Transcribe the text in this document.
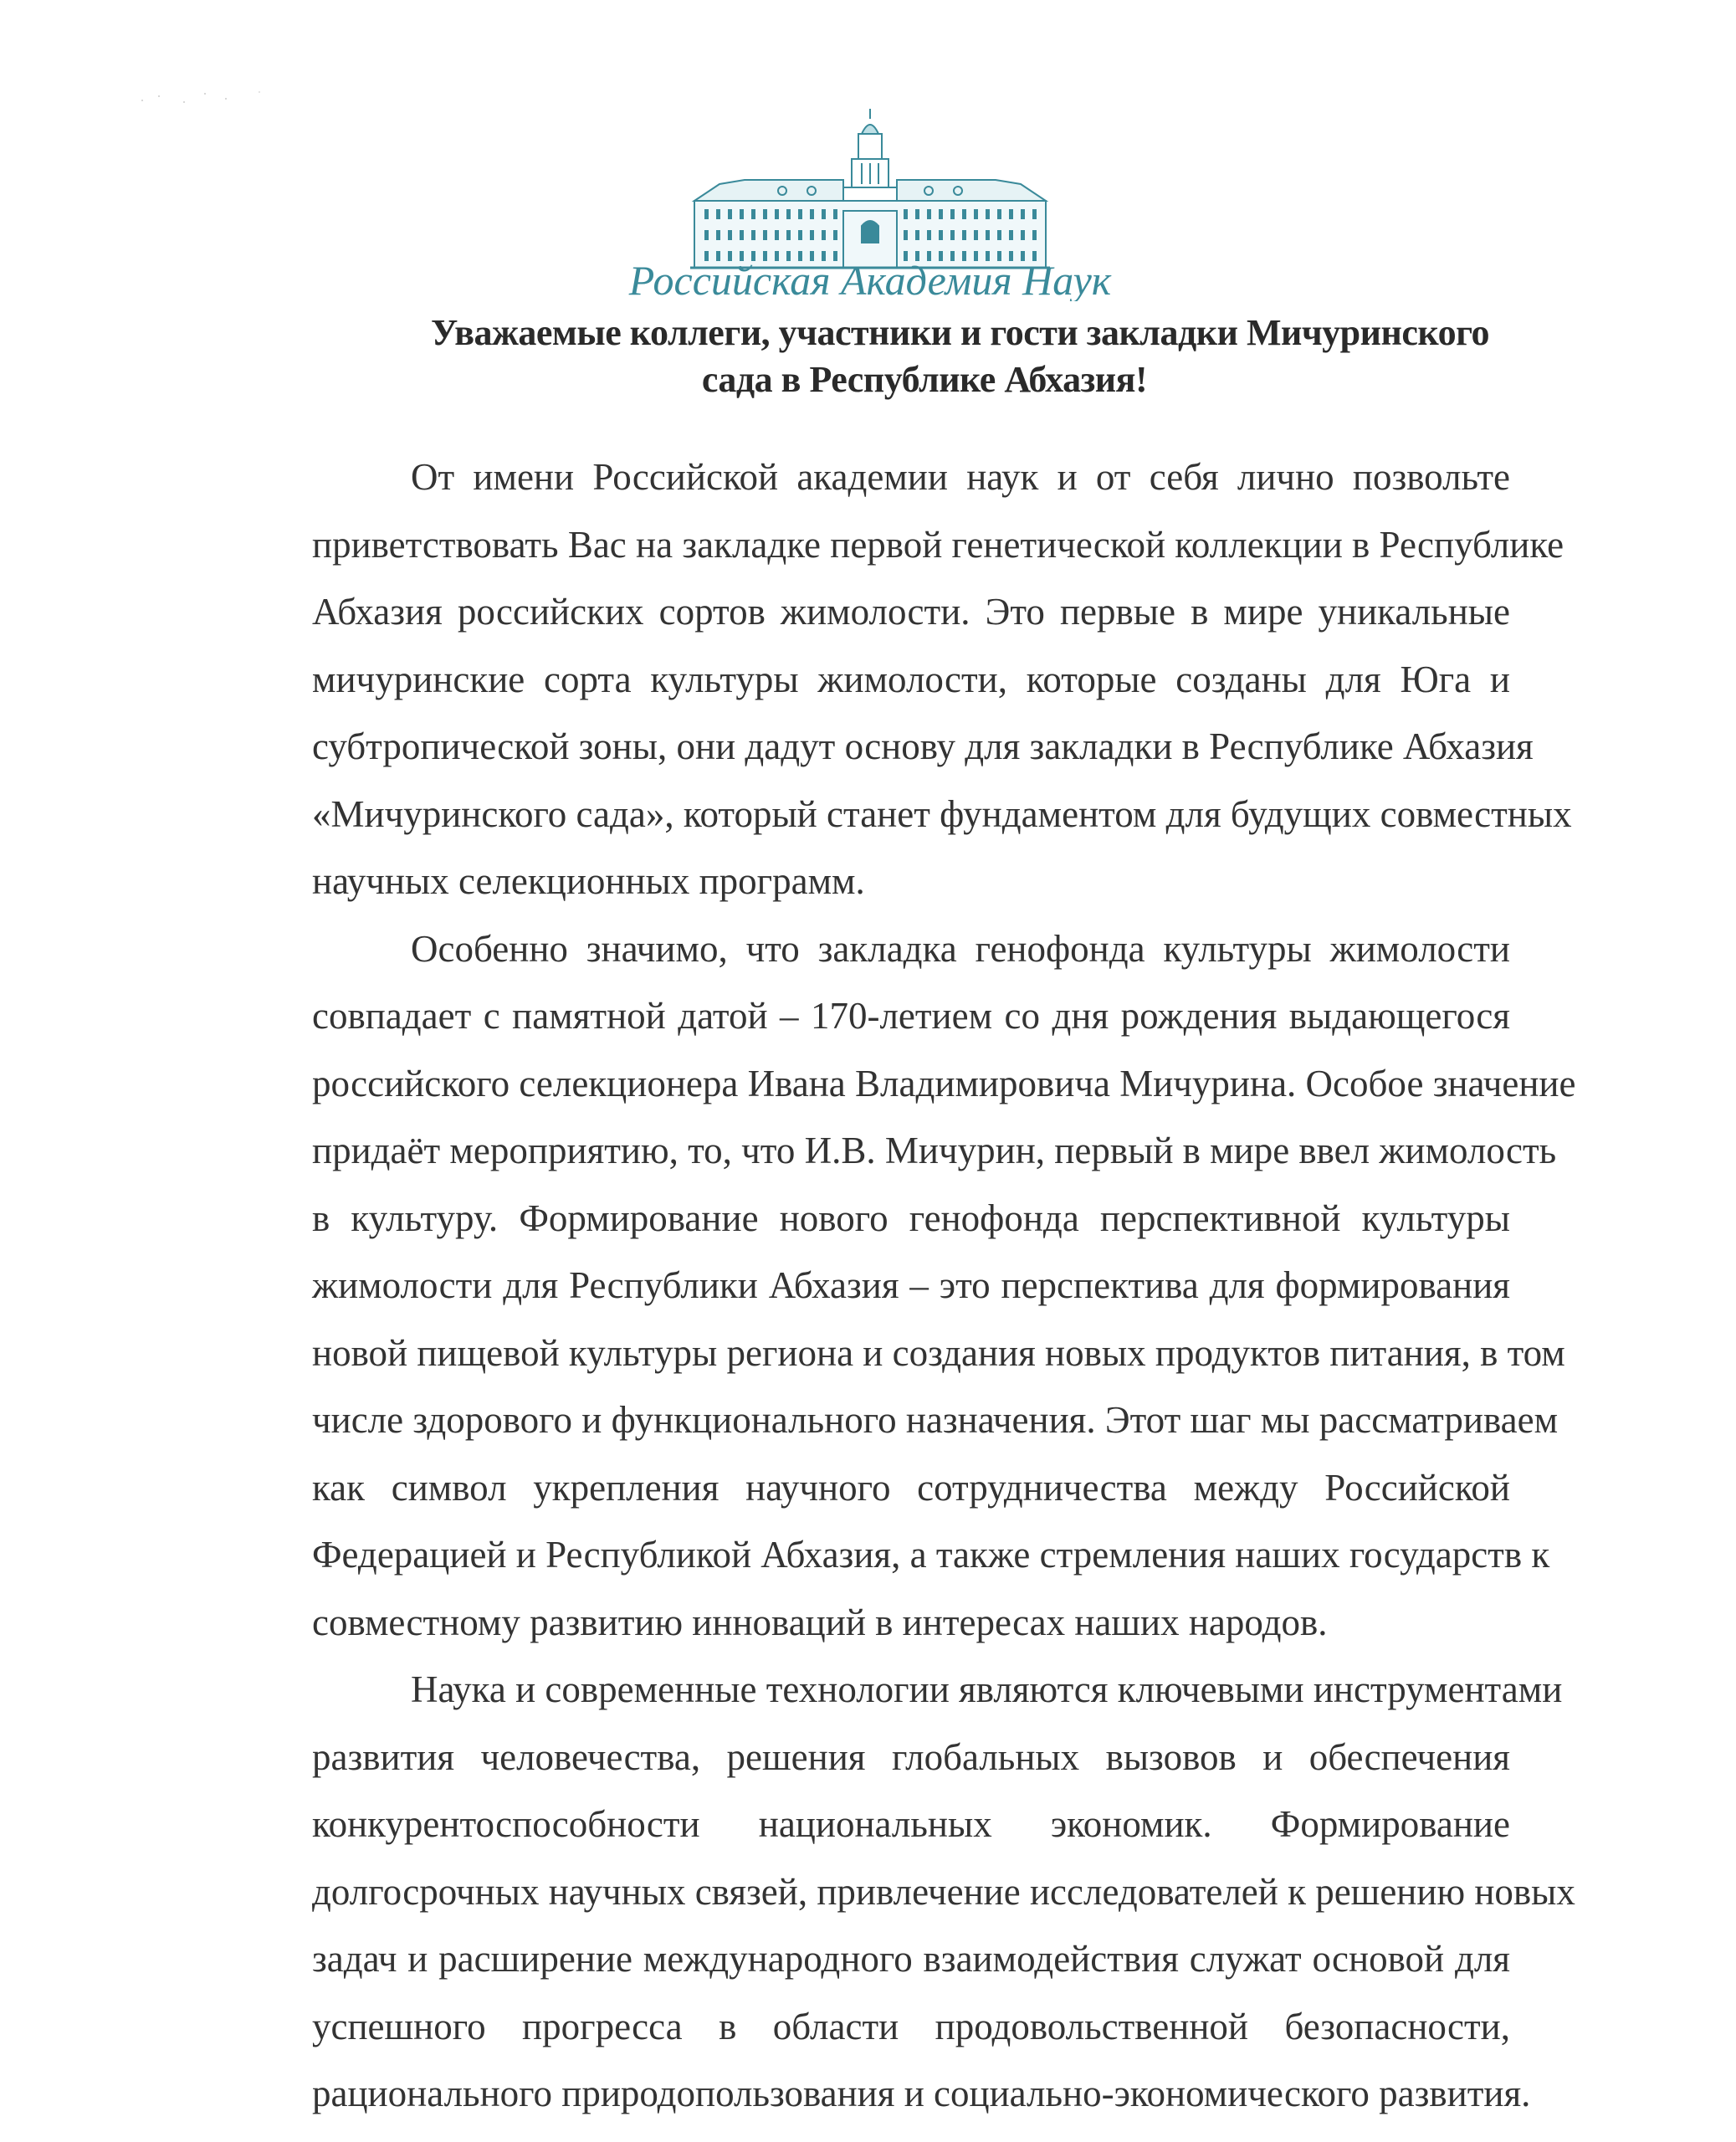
Российская Академия Наук
Уважаемые коллеги, участники и гости закладки Мичуринского
сада в Республике Абхазия!
От имени Российской академии наук и от себя лично позвольте
приветствовать Вас на закладке первой генетической коллекции в Республике
Абхазия российских сортов жимолости. Это первые в мире уникальные
мичуринские сорта культуры жимолости, которые созданы для Юга и
субтропической зоны, они дадут основу для закладки в Республике Абхазия
«Мичуринского сада», который станет фундаментом для будущих совместных
научных селекционных программ.
Особенно значимо, что закладка генофонда культуры жимолости
совпадает с памятной датой – 170-летием со дня рождения выдающегося
российского селекционера Ивана Владимировича Мичурина. Особое значение
придаёт мероприятию, то, что И.В. Мичурин, первый в мире ввел жимолость
в культуру. Формирование нового генофонда перспективной культуры
жимолости для Республики Абхазия – это перспектива для формирования
новой пищевой культуры региона и создания новых продуктов питания, в том
числе здорового и функционального назначения. Этот шаг мы рассматриваем
как символ укрепления научного сотрудничества между Российской
Федерацией и Республикой Абхазия, а также стремления наших государств к
совместному развитию инноваций в интересах наших народов.
Наука и современные технологии являются ключевыми инструментами
развития человечества, решения глобальных вызовов и обеспечения
конкурентоспособности национальных экономик. Формирование
долгосрочных научных связей, привлечение исследователей к решению новых
задач и расширение международного взаимодействия служат основой для
успешного прогресса в области продовольственной безопасности,
рационального природопользования и социально-экономического развития.
